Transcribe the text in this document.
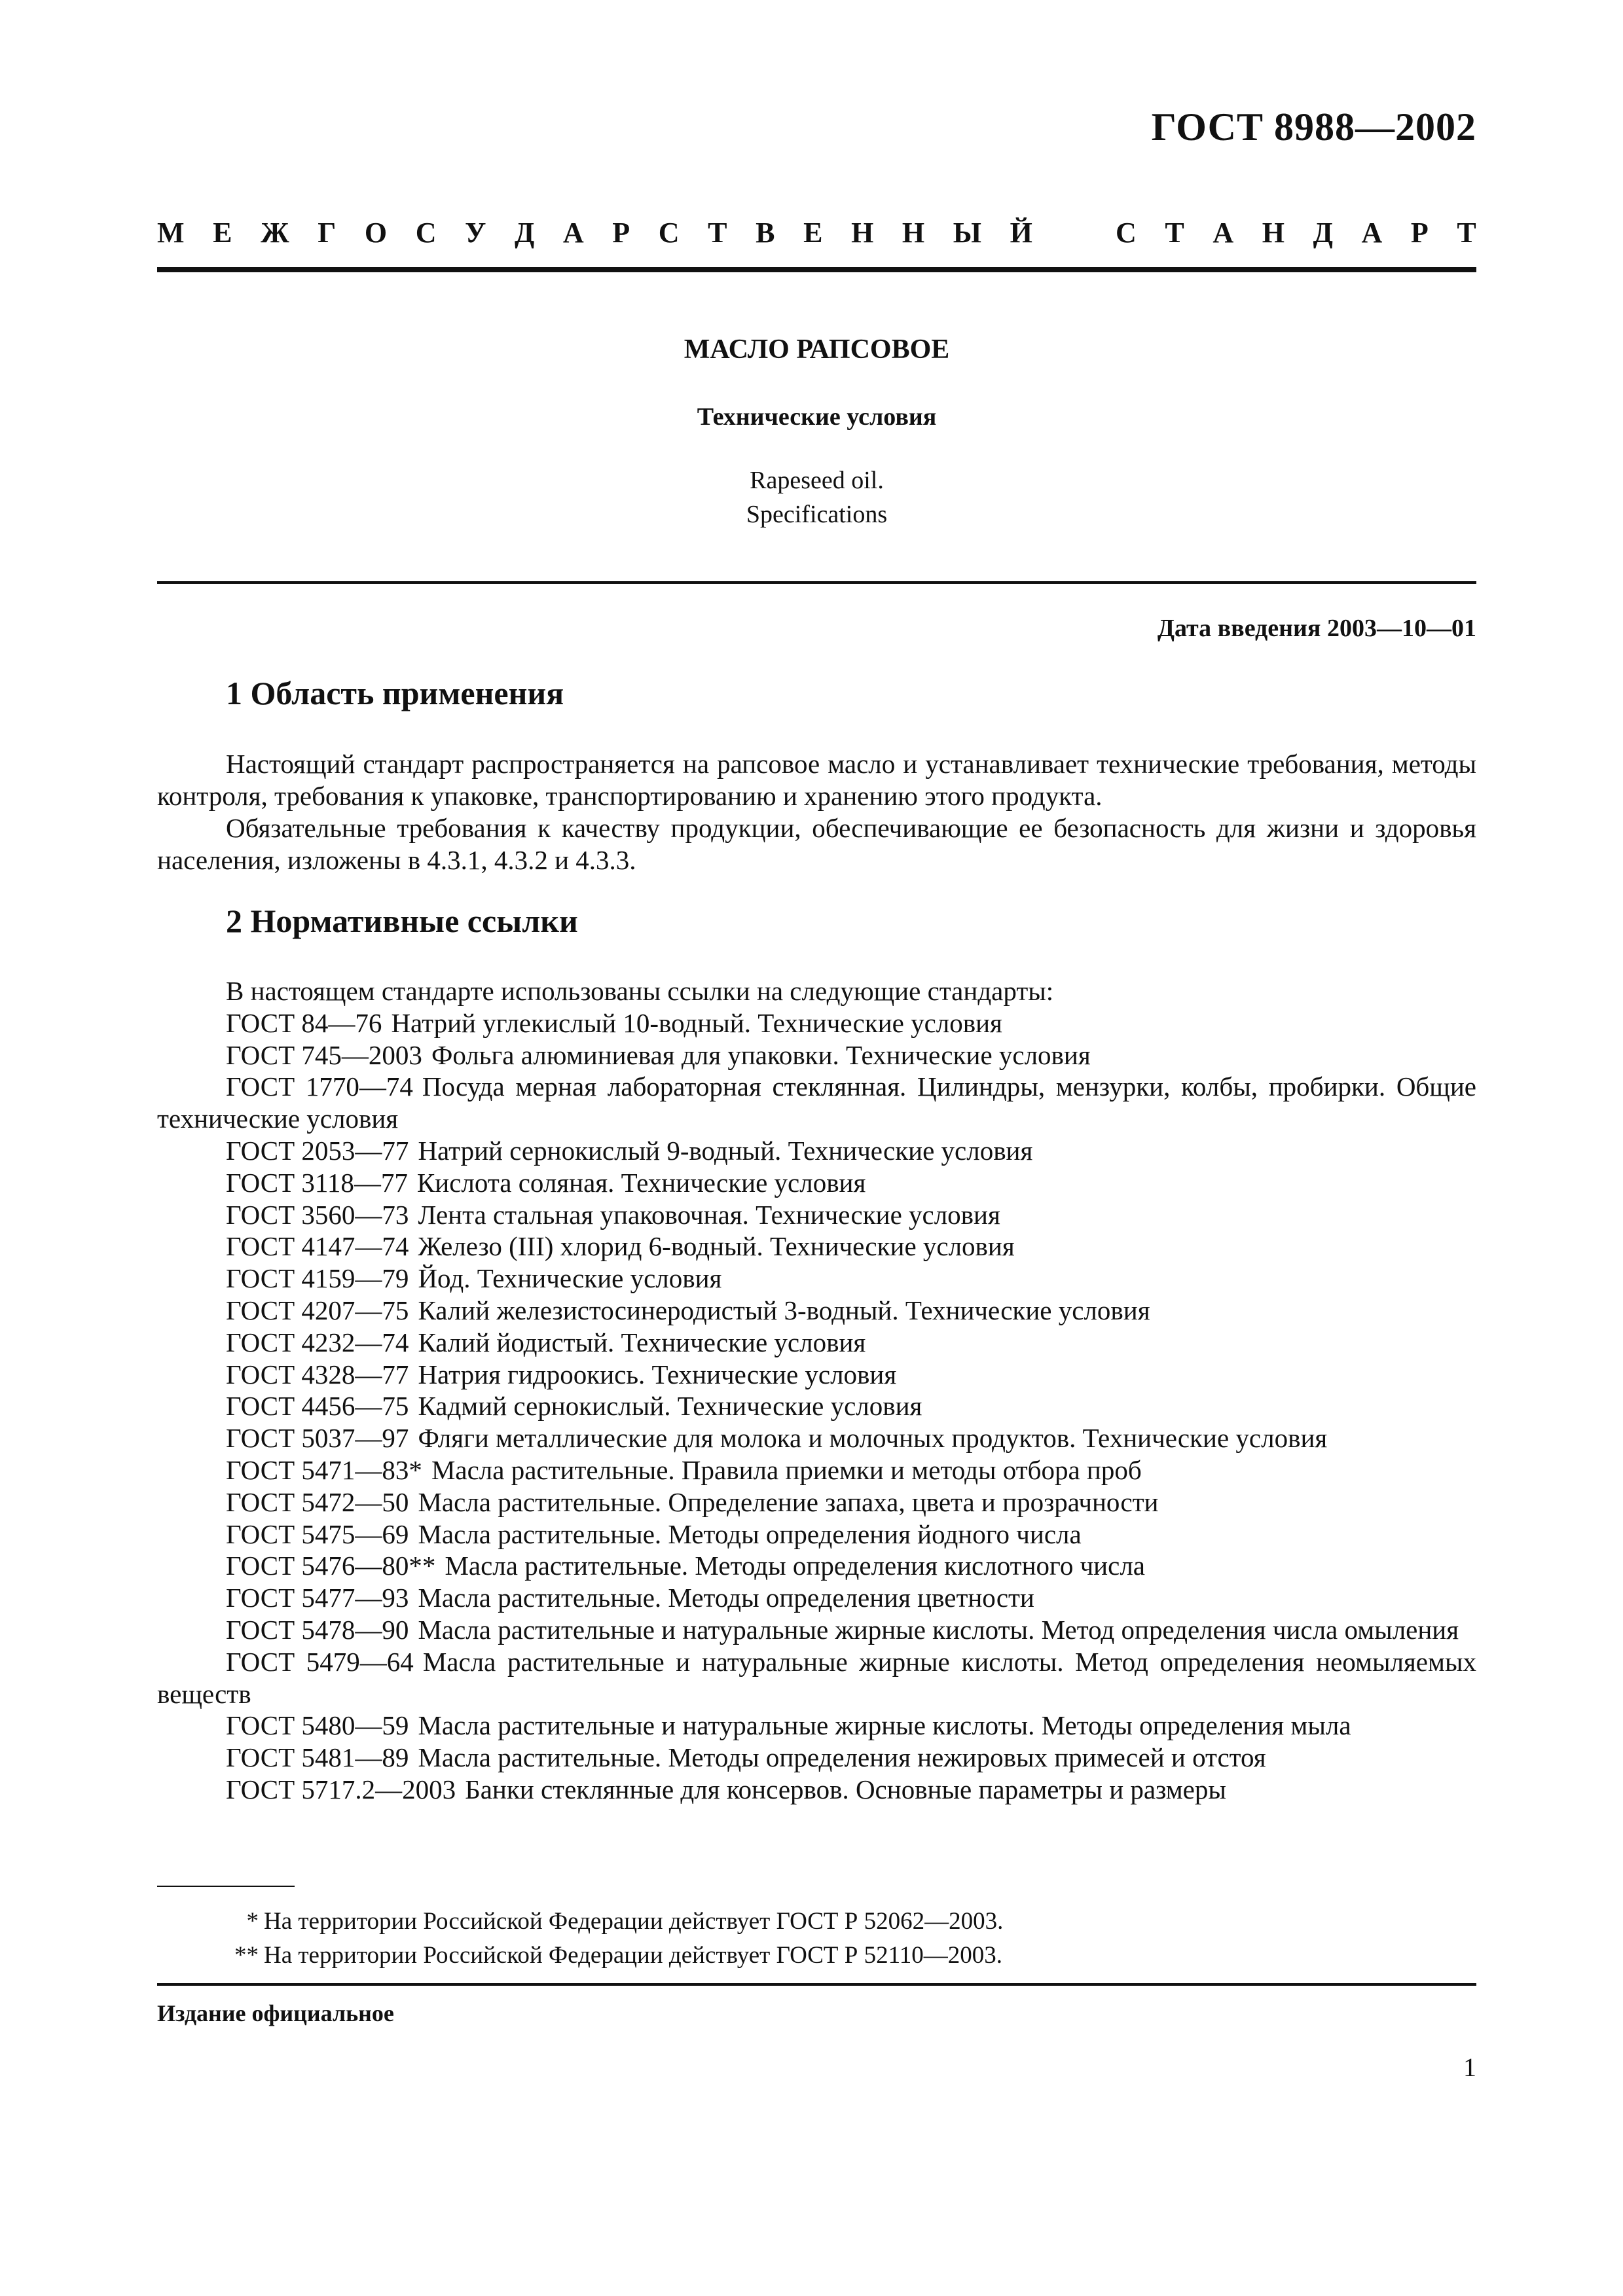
ГОСТ 8988—2002
М Е Ж Г О С У Д А Р С Т В Е Н Н Ы Й	С Т А Н Д А Р Т
МАСЛО РАПСОВОЕ
Технические условия
Rapeseed oil.
Specifications
Дата введения 2003—10—01
1 Область применения

Настоящий стандарт распространяется на рапсовое масло и устанавливает технические требования, методы контроля, требования к упаковке, транспортированию и хранению этого продукта.

Обязательные требования к качеству продукции, обеспечивающие ее безопасность для жизни и здоровья населения, изложены в 4.3.1, 4.3.2 и 4.3.3.

2 Нормативные ссылки
В настоящем стандарте использованы ссылки на следующие стандарты:
ГОСТ 84—76 Натрий углекислый 10-водный. Технические условия
ГОСТ 745—2003 Фольга алюминиевая для упаковки. Технические условия
ГОСТ 1770—74 Посуда мерная лабораторная стеклянная. Цилиндры, мензурки, колбы, пробирки. Общие технические условия
ГОСТ 2053—77 Натрий сернокислый 9-водный. Технические условия
ГОСТ 3118—77 Кислота соляная. Технические условия
ГОСТ 3560—73 Лента стальная упаковочная. Технические условия
ГОСТ 4147—74 Железо (III) хлорид 6-водный. Технические условия
ГОСТ 4159—79 Йод. Технические условия
ГОСТ 4207—75 Калий железистосинеродистый 3-водный. Технические условия
ГОСТ 4232—74 Калий йодистый. Технические условия
ГОСТ 4328—77 Натрия гидроокись. Технические условия
ГОСТ 4456—75 Кадмий сернокислый. Технические условия
ГОСТ 5037—97 Фляги металлические для молока и молочных продуктов. Технические условия
ГОСТ 5471—83* Масла растительные. Правила приемки и методы отбора проб
ГОСТ 5472—50 Масла растительные. Определение запаха, цвета и прозрачности
ГОСТ 5475—69 Масла растительные. Методы определения йодного числа
ГОСТ 5476—80** Масла растительные. Методы определения кислотного числа
ГОСТ 5477—93 Масла растительные. Методы определения цветности
ГОСТ 5478—90 Масла растительные и натуральные жирные кислоты. Метод определения числа омыления
ГОСТ 5479—64 Масла растительные и натуральные жирные кислоты. Метод определения неомыляемых веществ
ГОСТ 5480—59 Масла растительные и натуральные жирные кислоты. Методы определения мыла
ГОСТ 5481—89 Масла растительные. Методы определения нежировых примесей и отстоя
ГОСТ 5717.2—2003 Банки стеклянные для консервов. Основные параметры и размеры
* На территории Российской Федерации действует ГОСТ Р 52062—2003.
** На территории Российской Федерации действует ГОСТ Р 52110—2003.
Издание официальное
1
